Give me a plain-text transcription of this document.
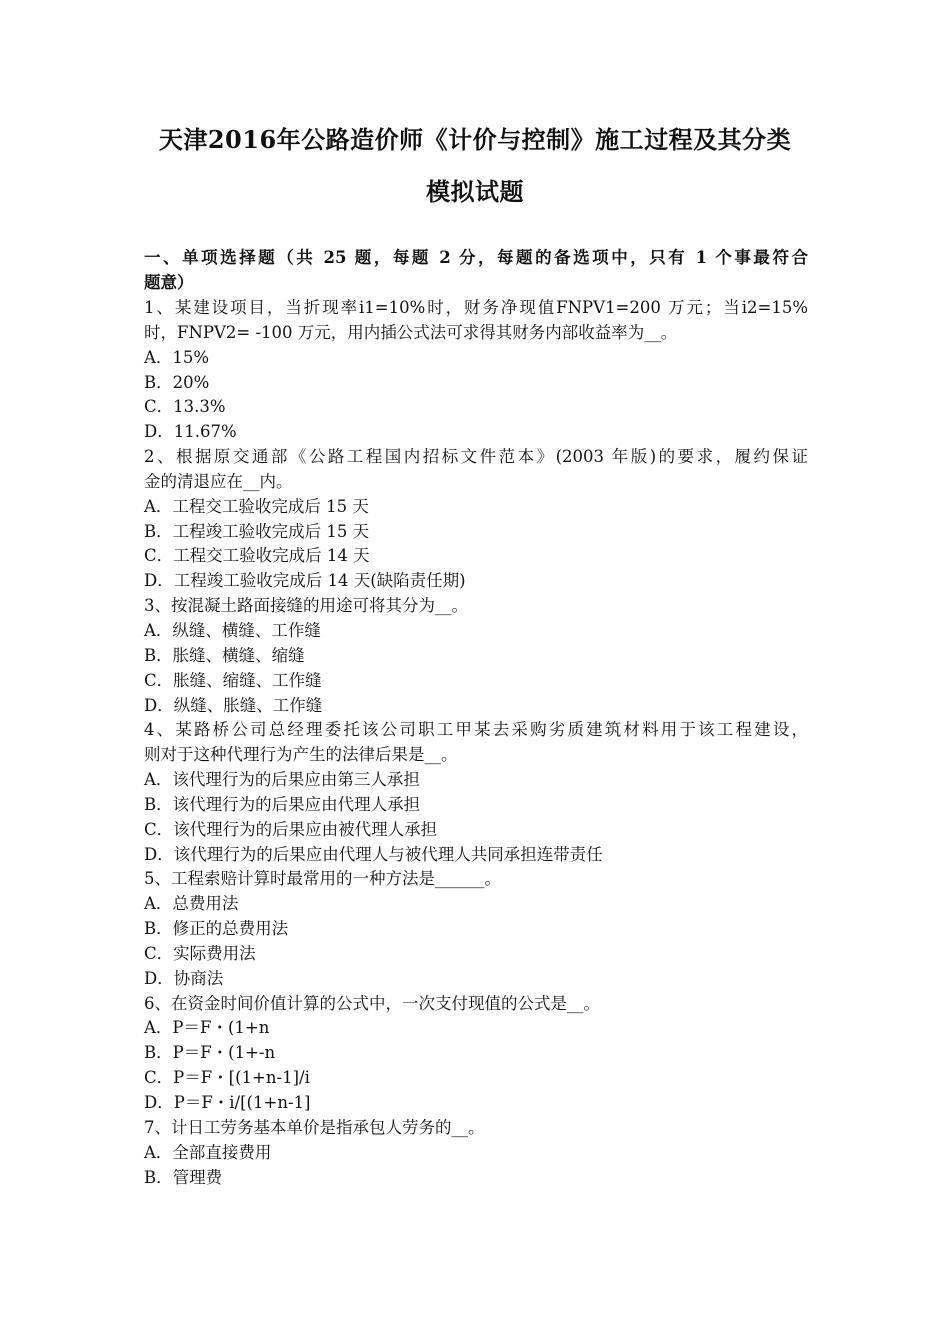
天津2016年公路造价师《计价与控制》施工过程及其分类
模拟试题
一、单项选择题（共 25 题，每题 2 分，每题的备选项中，只有 1 个事最符合
题意）
1、某建设项目，当折现率i1=10%时，财务净现值FNPV1=200 万元；当i2=15%
时，FNPV2= -100 万元，用内插公式法可求得其财务内部收益率为__。
A．15%
B．20%
C．13.3%
D．11.67%
2、根据原交通部《公路工程国内招标文件范本》(2003 年版)的要求，履约保证
金的清退应在__内。
A．工程交工验收完成后 15 天
B．工程竣工验收完成后 15 天
C．工程交工验收完成后 14 天
D．工程竣工验收完成后 14 天(缺陷责任期)
3、按混凝土路面接缝的用途可将其分为__。
A．纵缝、横缝、工作缝
B．胀缝、横缝、缩缝
C．胀缝、缩缝、工作缝
D．纵缝、胀缝、工作缝
4、某路桥公司总经理委托该公司职工甲某去采购劣质建筑材料用于该工程建设，
则对于这种代理行为产生的法律后果是__。
A．该代理行为的后果应由第三人承担
B．该代理行为的后果应由代理人承担
C．该代理行为的后果应由被代理人承担
D．该代理行为的后果应由代理人与被代理人共同承担连带责任
5、工程索赔计算时最常用的一种方法是______。
A．总费用法
B．修正的总费用法
C．实际费用法
D．协商法
6、在资金时间价值计算的公式中，一次支付现值的公式是__。
A．P＝F・(1+n
B．P＝F・(1+-n
C．P＝F・[(1+n-1]/i
D．P＝F・i/[(1+n-1]
7、计日工劳务基本单价是指承包人劳务的__。
A．全部直接费用
B．管理费
